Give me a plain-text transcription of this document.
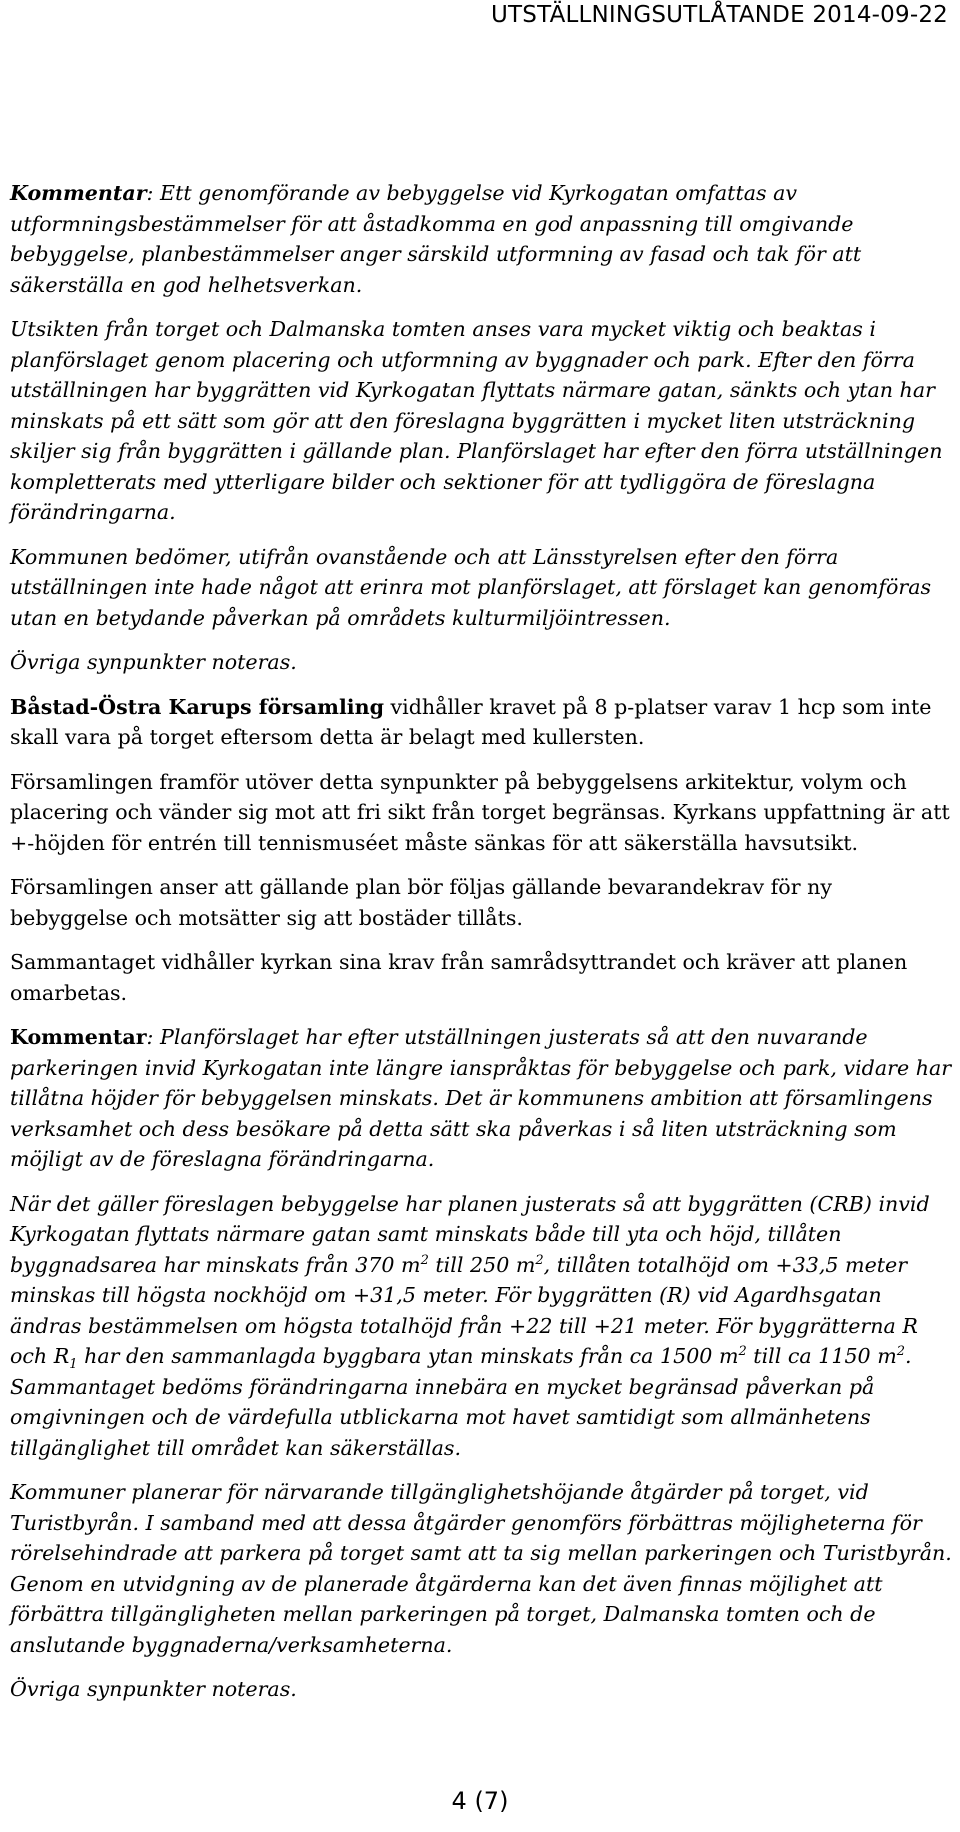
UTSTÄLLNINGSUTLÅTANDE 2014-09-22

Kommentar: Ett genomförande av bebyggelse vid Kyrkogatan omfattas av utformningsbestämmelser för att åstadkomma en god anpassning till omgivande bebyggelse, planbestämmelser anger särskild utformning av fasad och tak för att säkerställa en god helhetsverkan.

Utsikten från torget och Dalmanska tomten anses vara mycket viktig och beaktas i planförslaget genom placering och utformning av byggnader och park. Efter den förra utställningen har byggrätten vid Kyrkogatan flyttats närmare gatan, sänkts och ytan har minskats på ett sätt som gör att den föreslagna byggrätten i mycket liten utsträckning skiljer sig från byggrätten i gällande plan. Planförslaget har efter den förra utställningen kompletterats med ytterligare bilder och sektioner för att tydliggöra de föreslagna förändringarna.

Kommunen bedömer, utifrån ovanstående och att Länsstyrelsen efter den förra utställningen inte hade något att erinra mot planförslaget, att förslaget kan genomföras utan en betydande påverkan på områdets kulturmiljöintressen.

Övriga synpunkter noteras.

Båstad-Östra Karups församling vidhåller kravet på 8 p-platser varav 1 hcp som inte skall vara på torget eftersom detta är belagt med kullersten.

Församlingen framför utöver detta synpunkter på bebyggelsens arkitektur, volym och placering och vänder sig mot att fri sikt från torget begränsas. Kyrkans uppfattning är att +-höjden för entrén till tennismuséet måste sänkas för att säkerställa havsutsikt.

Församlingen anser att gällande plan bör följas gällande bevarandekrav för ny bebyggelse och motsätter sig att bostäder tillåts.

Sammantaget vidhåller kyrkan sina krav från samrådsyttrandet och kräver att planen omarbetas.

Kommentar: Planförslaget har efter utställningen justerats så att den nuvarande parkeringen invid Kyrkogatan inte längre ianspråktas för bebyggelse och park, vidare har tillåtna höjder för bebyggelsen minskats. Det är kommunens ambition att församlingens verksamhet och dess besökare på detta sätt ska påverkas i så liten utsträckning som möjligt av de föreslagna förändringarna.

När det gäller föreslagen bebyggelse har planen justerats så att byggrätten (CRB) invid Kyrkogatan flyttats närmare gatan samt minskats både till yta och höjd, tillåten byggnadsarea har minskats från 370 $m^2$ till 250 $m^2$, tillåten totalhöjd om +33,5 meter minskas till högsta nockhöjd om +31,5 meter. För byggrätten (R) vid Agardhsgatan ändras bestämmelsen om högsta totalhöjd från +22 till +21 meter. För byggrätterna R och $R_1$ har den sammanlagda byggbara ytan minskats från ca 1500 $m^2$ till ca 1150 $m^2$. Sammantaget bedöms förändringarna innebära en mycket begränsad påverkan på omgivningen och de värdefulla utblickarna mot havet samtidigt som allmänhetens tillgänglighet till området kan säkerställas.

Kommuner planerar för närvarande tillgänglighetshöjande åtgärder på torget, vid Turistbyrån. I samband med att dessa åtgärder genomförs förbättras möjligheterna för rörelsehindrade att parkera på torget samt att ta sig mellan parkeringen och Turistbyrån. Genom en utvidgning av de planerade åtgärderna kan det även finnas möjlighet att förbättra tillgängligheten mellan parkeringen på torget, Dalmanska tomten och de anslutande byggnaderna/verksamheterna.

Övriga synpunkter noteras.

4 (7)
